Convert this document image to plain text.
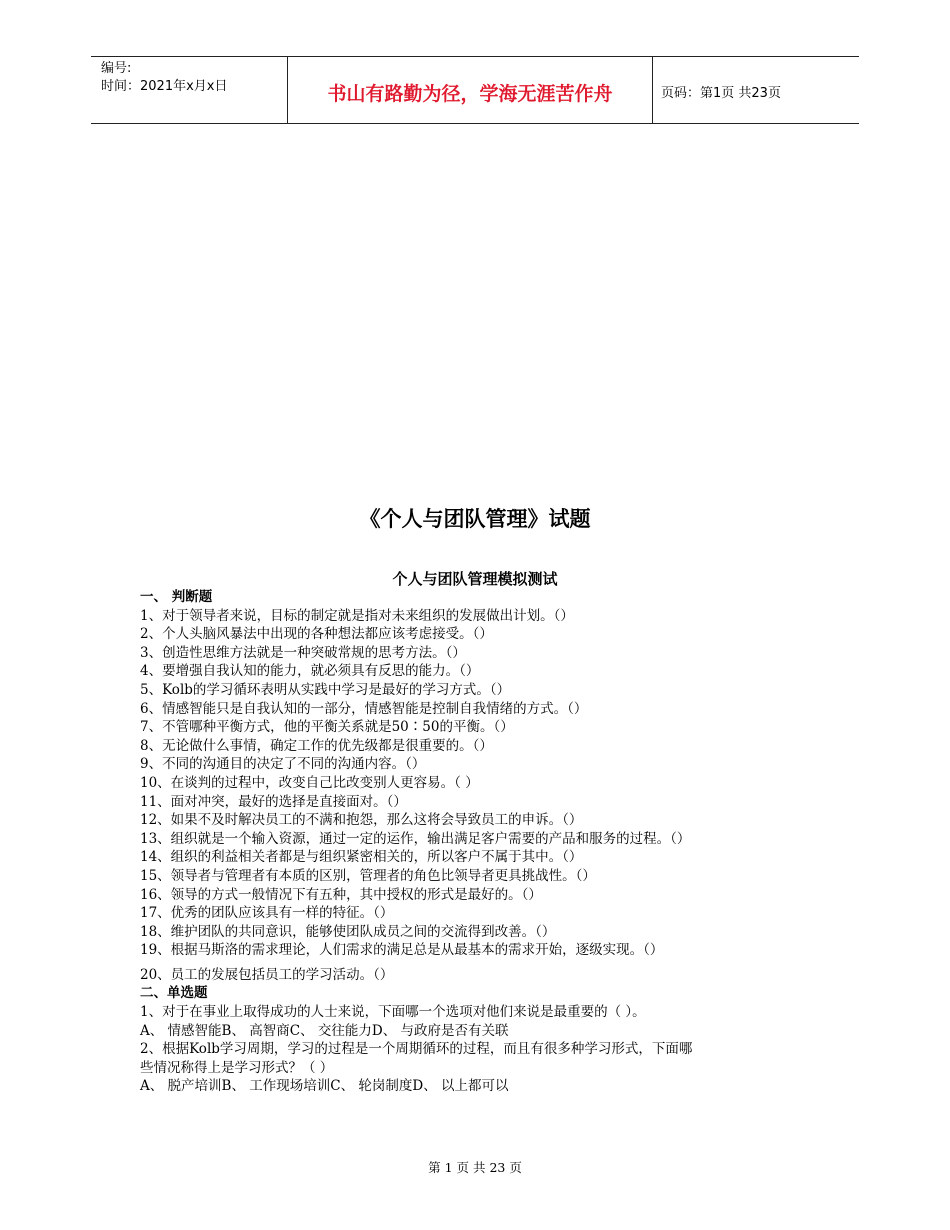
编号:
时间：2021年x月x日	书山有路勤为径，学海无涯苦作舟	页码：第1页 共23页
《个人与团队管理》试题
个人与团队管理模拟测试
一、 判断题
1、对于领导者来说，目标的制定就是指对未来组织的发展做出计划。（）
2、个人头脑风暴法中出现的各种想法都应该考虑接受。（）
3、创造性思维方法就是一种突破常规的思考方法。（）
4、要增强自我认知的能力，就必须具有反思的能力。（）
5、Kolb的学习循环表明从实践中学习是最好的学习方式。（）
6、情感智能只是自我认知的一部分，情感智能是控制自我情绪的方式。（）
7、不管哪种平衡方式，他的平衡关系就是50∶50的平衡。（）
8、无论做什么事情，确定工作的优先级都是很重要的。（）
9、不同的沟通目的决定了不同的沟通内容。（）
10、在谈判的过程中，改变自己比改变别人更容易。（ ）
11、面对冲突，最好的选择是直接面对。（）
12、如果不及时解决员工的不满和抱怨，那么这将会导致员工的申诉。（）
13、组织就是一个输入资源，通过一定的运作，输出满足客户需要的产品和服务的过程。（）
14、组织的利益相关者都是与组织紧密相关的，所以客户不属于其中。（）
15、领导者与管理者有本质的区别，管理者的角色比领导者更具挑战性。（）
16、领导的方式一般情况下有五种，其中授权的形式是最好的。（）
17、优秀的团队应该具有一样的特征。（）
18、维护团队的共同意识，能够使团队成员之间的交流得到改善。（）
19、根据马斯洛的需求理论，人们需求的满足总是从最基本的需求开始，逐级实现。（）
20、员工的发展包括员工的学习活动。（）
二、单选题
1、对于在事业上取得成功的人士来说，下面哪一个选项对他们来说是最重要的（ ）。
A、 情感智能B、 高智商C、 交往能力D、 与政府是否有关联
2、根据Kolb学习周期，学习的过程是一个周期循环的过程，而且有很多种学习形式，下面哪
些情况称得上是学习形式？（ ）
A、 脱产培训B、 工作现场培训C、 轮岗制度D、 以上都可以
第 1 页 共 23 页
